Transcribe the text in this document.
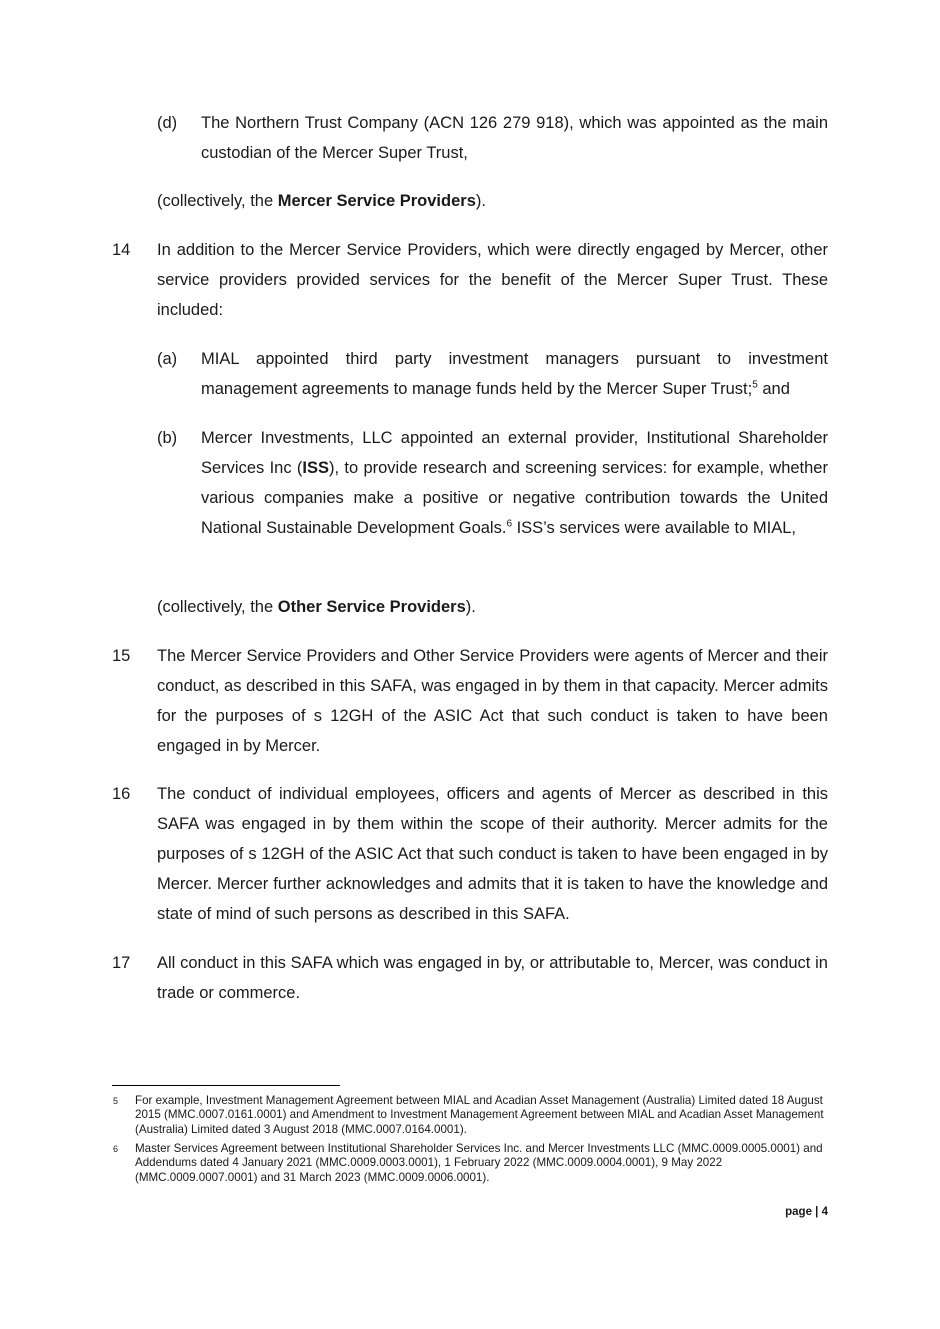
(d) The Northern Trust Company (ACN 126 279 918), which was appointed as the main custodian of the Mercer Super Trust,

(collectively, the Mercer Service Providers).

14 In addition to the Mercer Service Providers, which were directly engaged by Mercer, other service providers provided services for the benefit of the Mercer Super Trust. These included:

(a) MIAL appointed third party investment managers pursuant to investment management agreements to manage funds held by the Mercer Super Trust;$^5$ and

(b) Mercer Investments, LLC appointed an external provider, Institutional Shareholder Services Inc (ISS), to provide research and screening services: for example, whether various companies make a positive or negative contribution towards the United National Sustainable Development Goals.$^6$ ISS’s services were available to MIAL,

(collectively, the Other Service Providers).

15 The Mercer Service Providers and Other Service Providers were agents of Mercer and their conduct, as described in this SAFA, was engaged in by them in that capacity. Mercer admits for the purposes of s 12GH of the ASIC Act that such conduct is taken to have been engaged in by Mercer.

16 The conduct of individual employees, officers and agents of Mercer as described in this SAFA was engaged in by them within the scope of their authority. Mercer admits for the purposes of s 12GH of the ASIC Act that such conduct is taken to have been engaged in by Mercer. Mercer further acknowledges and admits that it is taken to have the knowledge and state of mind of such persons as described in this SAFA.

17 All conduct in this SAFA which was engaged in by, or attributable to, Mercer, was conduct in trade or commerce.

5 For example, Investment Management Agreement between MIAL and Acadian Asset Management (Australia) Limited dated 18 August 2015 (MMC.0007.0161.0001) and Amendment to Investment Management Agreement between MIAL and Acadian Asset Management (Australia) Limited dated 3 August 2018 (MMC.0007.0164.0001).

6 Master Services Agreement between Institutional Shareholder Services Inc. and Mercer Investments LLC (MMC.0009.0005.0001) and Addendums dated 4 January 2021 (MMC.0009.0003.0001), 1 February 2022 (MMC.0009.0004.0001), 9 May 2022 (MMC.0009.0007.0001) and 31 March 2023 (MMC.0009.0006.0001).

page | 4
